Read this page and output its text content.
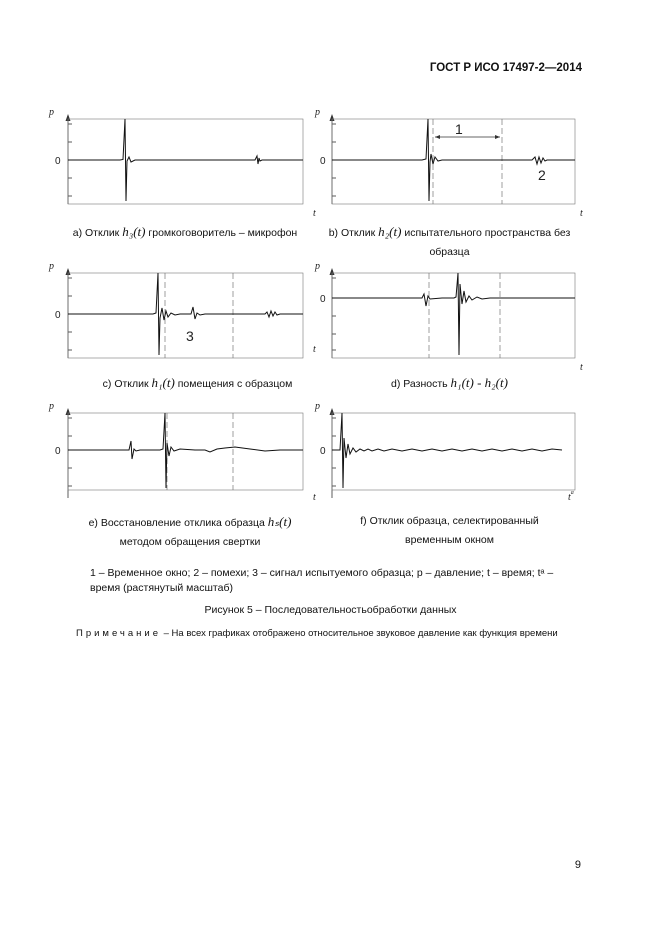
ГОСТ Р ИСО 17497-2—2014
p
0
t
p
0
1
2
t
a) Отклик h₃(t) громкоговоритель – микрофон	b) Отклик h₂(t) испытательного пространства без
образца
p
0
3
t
p
0
t
c) Отклик h₁(t) помещения с образцом	d) Разность h₁(t) - h₂(t)
p
0
t
p
0
$t^a$
e) Восстановление отклика образца hₛ(t)
методом обращения свертки
f) Отклик образца, селектированный
временным окном
1 – Временное окно; 2 – помехи; 3 – сигнал испытуемого образца; p – давление; t – время; tᵃ – время (растянутый масштаб)
Рисунок 5 – Последовательностьобработки данных
Примечание – На всех графиках отображено относительное звуковое давление как функция времени
9
